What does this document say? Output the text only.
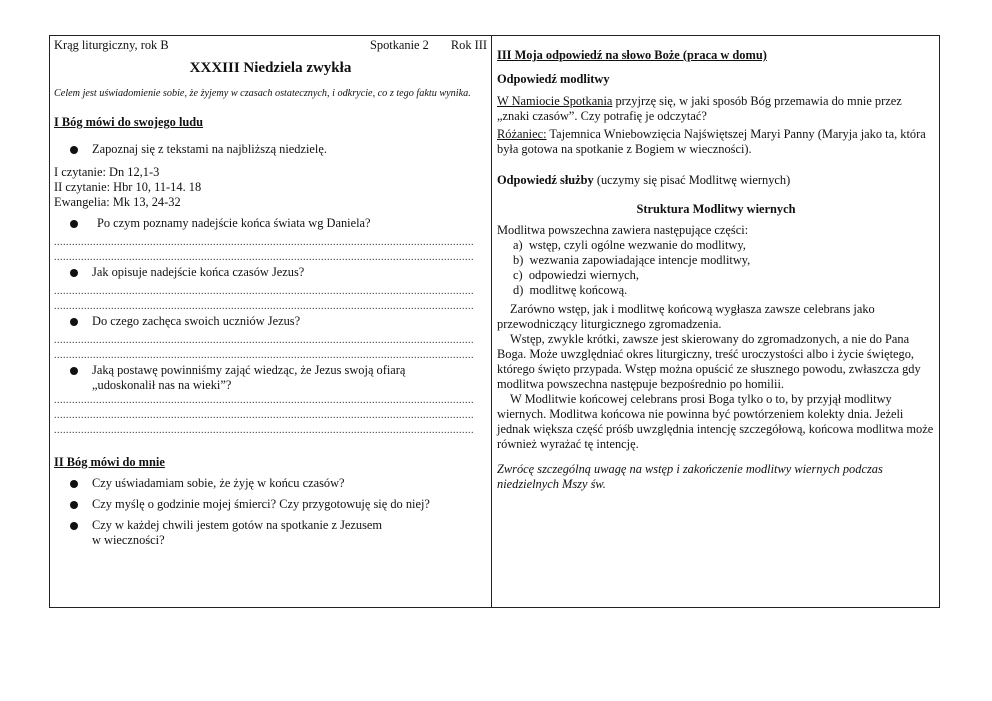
Krąg liturgiczny, rok B	Spotkanie 2 Rok III
XXXIII Niedziela zwykła
Celem jest uświadomienie sobie, że żyjemy w czasach ostatecznych, i odkrycie, co z tego faktu wynika.
I Bóg mówi do swojego ludu
Zapoznaj się z tekstami na najbliższą niedzielę.
I czytanie: Dn 12,1-3
II czytanie: Hbr 10, 11-14. 18
Ewangelia: Mk 13, 24-32
Po czym poznamy nadejście końca świata wg Daniela?
............................................................................................................................................
............................................................................................................................................
Jak opisuje nadejście końca czasów Jezus?
............................................................................................................................................
............................................................................................................................................
Do czego zachęca swoich uczniów Jezus?
............................................................................................................................................
............................................................................................................................................
Jaką postawę powinniśmy zająć wiedząc, że Jezus swoją ofiarą
„udoskonalił nas na wieki”?
............................................................................................................................................
............................................................................................................................................
............................................................................................................................................
II Bóg mówi do mnie
Czy uświadamiam sobie, że żyję w końcu czasów?
Czy myślę o godzinie mojej śmierci? Czy przygotowuję się do niej?
Czy w każdej chwili jestem gotów na spotkanie z Jezusem
w wieczności?
III Moja odpowiedź na słowo Boże (praca w domu)
Odpowiedź modlitwy
W Namiocie Spotkania przyjrzę się, w jaki sposób Bóg przemawia do mnie przez „znaki czasów”. Czy potrafię je odczytać?
Różaniec: Tajemnica Wniebowzięcia Najświętszej Maryi Panny (Maryja jako ta, która była gotowa na spotkanie z Bogiem w wieczności).
Odpowiedź służby (uczymy się pisać Modlitwę wiernych)
Struktura Modlitwy wiernych
Modlitwa powszechna zawiera następujące części:
a)  wstęp, czyli ogólne wezwanie do modlitwy,
b)  wezwania zapowiadające intencje modlitwy,
c)  odpowiedzi wiernych,
d)  modlitwę końcową.

Zarówno wstęp, jak i modlitwę końcową wygłasza zawsze celebrans jako przewodniczący liturgicznego zgromadzenia.

Wstęp, zwykle krótki, zawsze jest skierowany do zgromadzonych, a nie do Pana Boga. Może uwzględniać okres liturgiczny, treść uroczystości albo i życie świętego, którego święto przypada. Wstęp można opuścić ze słusznego powodu, zwłaszcza gdy modlitwa powszechna następuje bezpośrednio po homilii.

W Modlitwie końcowej celebrans prosi Boga tylko o to, by przyjął modlitwy wiernych. Modlitwa końcowa nie powinna być powtórzeniem kolekty dnia. Jeżeli jednak większa część próśb uwzględnia intencję szczegółową, końcowa modlitwa może również wyrażać tę intencję.

Zwrócę szczególną uwagę na wstęp i zakończenie modlitwy wiernych podczas niedzielnych Mszy św.
